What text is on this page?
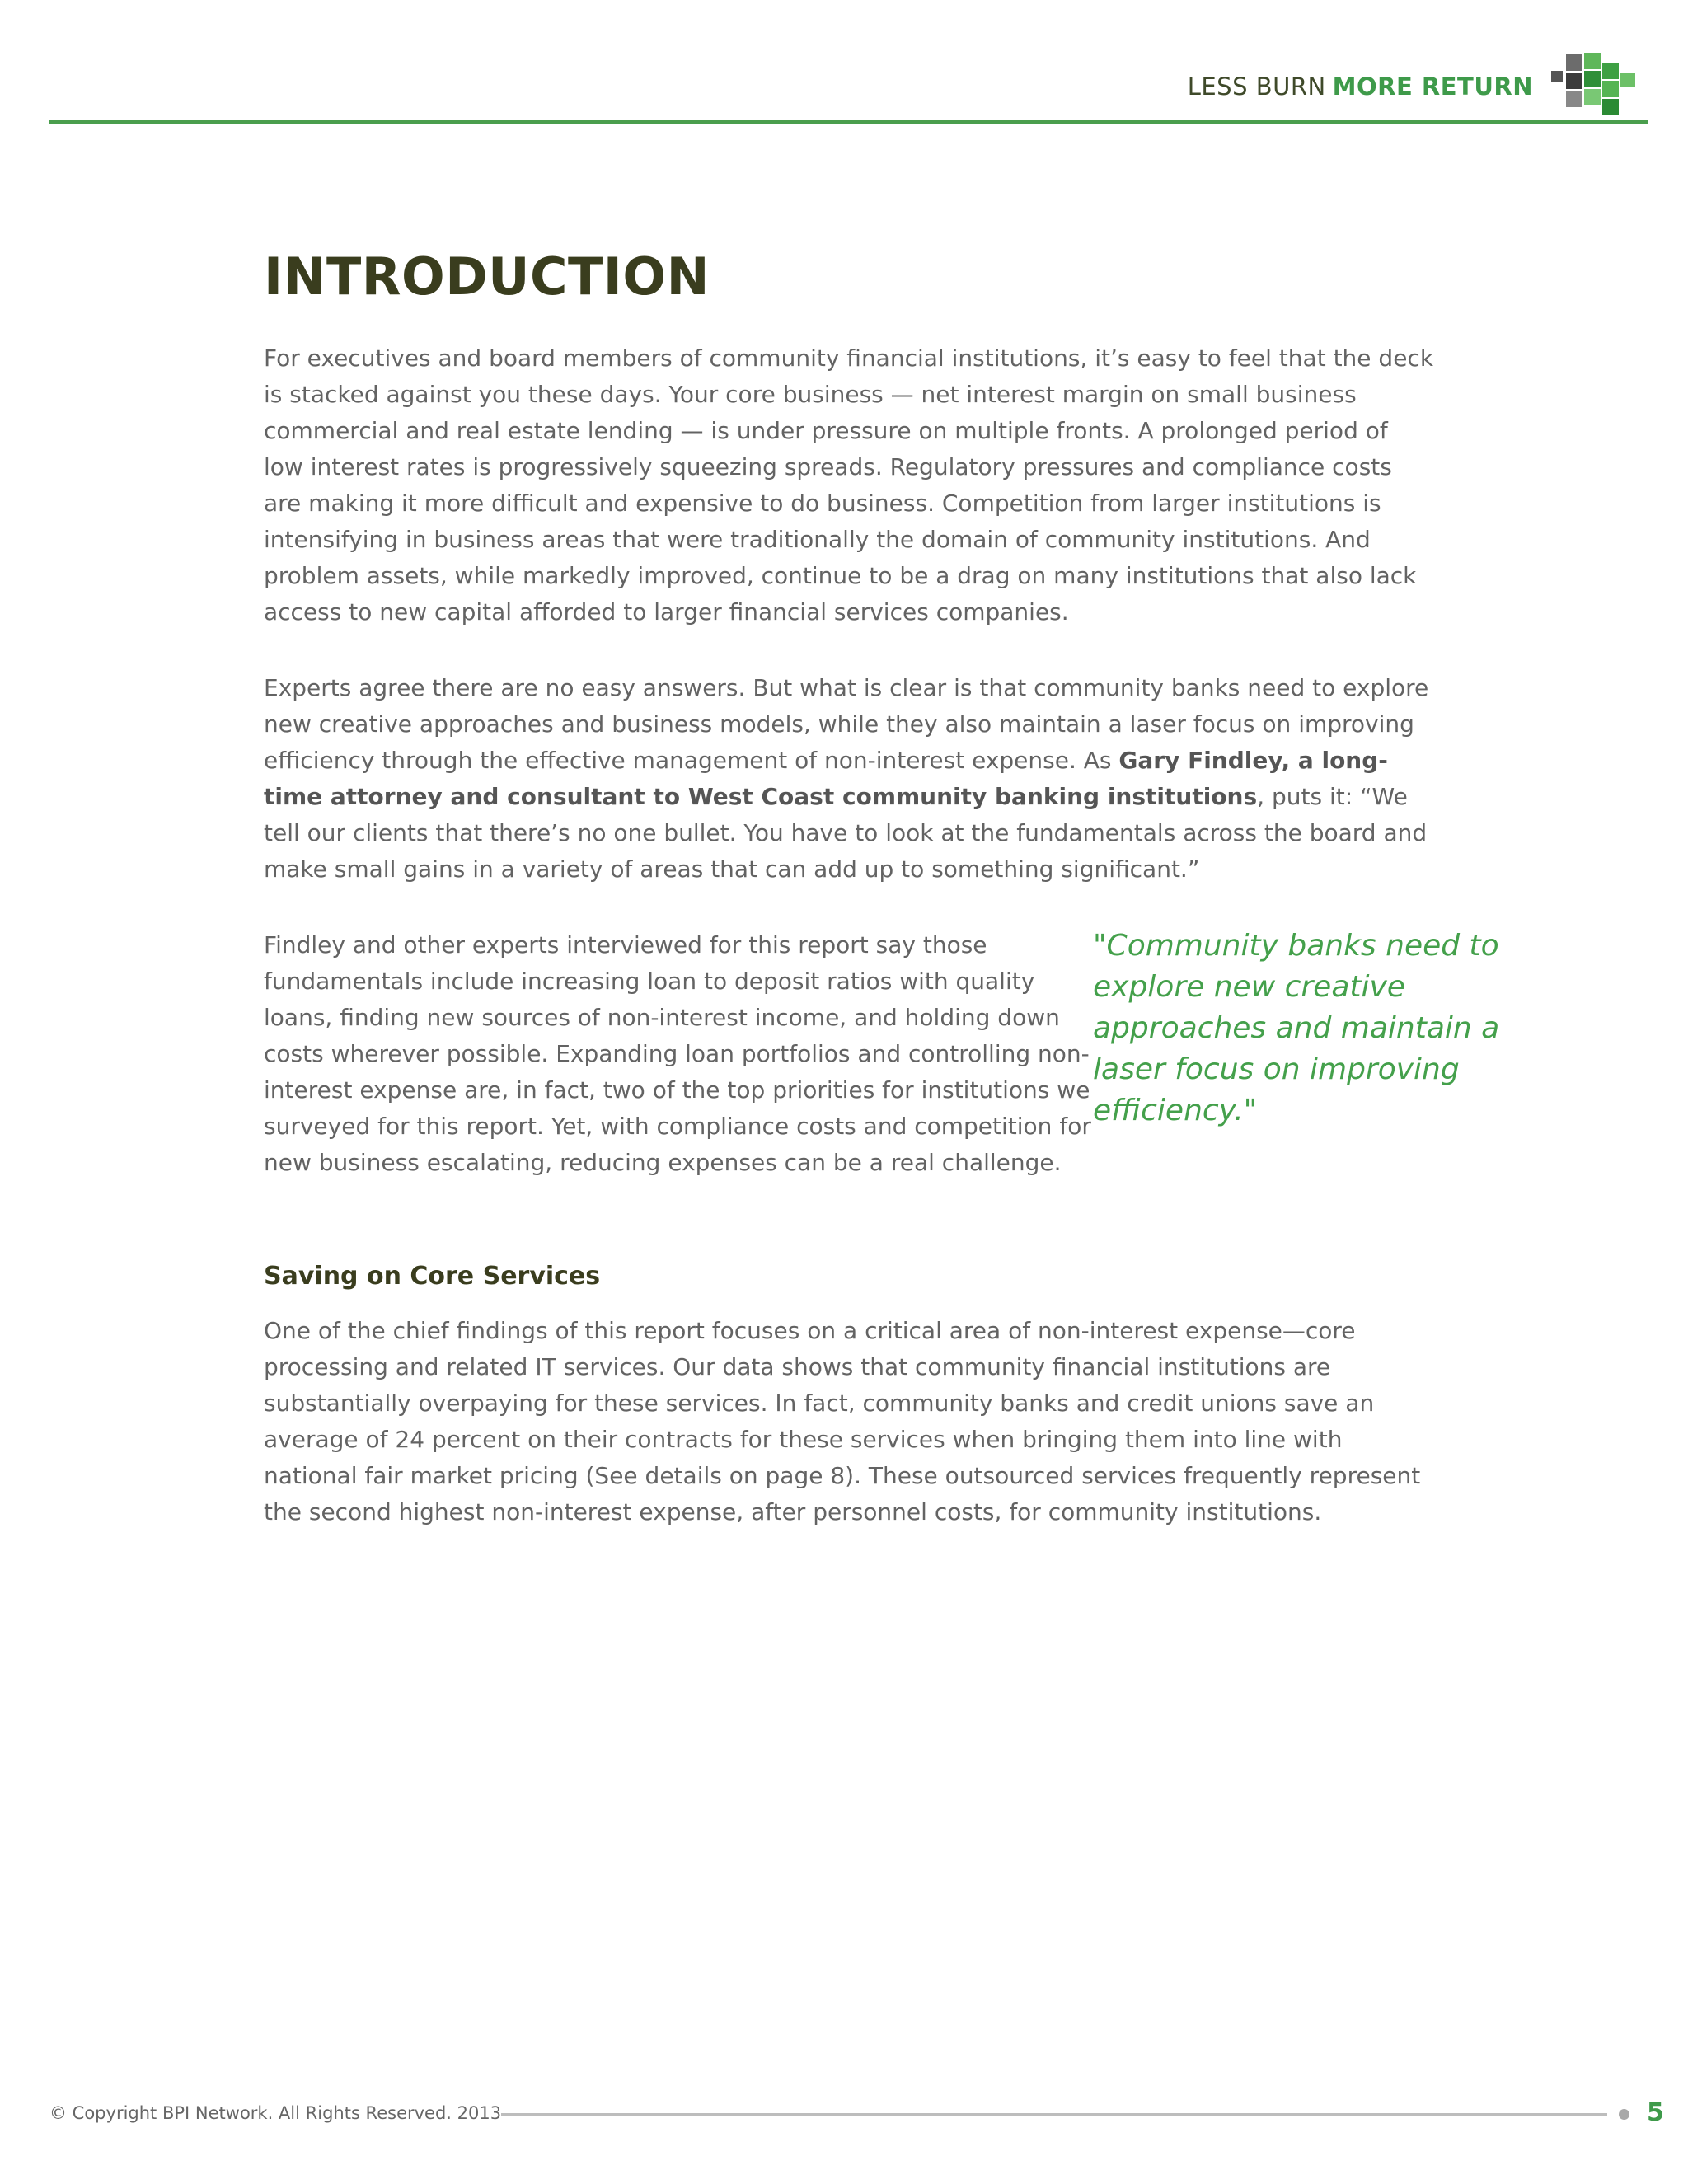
LESS BURN MORE RETURN
INTRODUCTION

For executives and board members of community financial institutions, it’s easy to feel that the deck is stacked against you these days. Your core business — net interest margin on small business commercial and real estate lending — is under pressure on multiple fronts. A prolonged period of low interest rates is progressively squeezing spreads. Regulatory pressures and compliance costs are making it more difficult and expensive to do business. Competition from larger institutions is intensifying in business areas that were traditionally the domain of community institutions. And problem assets, while markedly improved, continue to be a drag on many institutions that also lack access to new capital afforded to larger financial services companies.

Experts agree there are no easy answers. But what is clear is that community banks need to explore new creative approaches and business models, while they also maintain a laser focus on improving efficiency through the effective management of non-interest expense. As Gary Findley, a long-time attorney and consultant to West Coast community banking institutions, puts it: “We tell our clients that there’s no one bullet. You have to look at the fundamentals across the board and make small gains in a variety of areas that can add up to something significant.”

Findley and other experts interviewed for this report say those fundamentals include increasing loan to deposit ratios with quality loans, finding new sources of non-interest income, and holding down costs wherever possible. Expanding loan portfolios and controlling non-interest expense are, in fact, two of the top priorities for institutions we surveyed for this report. Yet, with compliance costs and competition for new business escalating, reducing expenses can be a real challenge.

"Community banks need to explore new creative approaches and maintain a laser focus on improving efficiency."
Saving on Core Services

One of the chief findings of this report focuses on a critical area of non-interest expense—core processing and related IT services. Our data shows that community financial institutions are substantially overpaying for these services. In fact, community banks and credit unions save an average of 24 percent on their contracts for these services when bringing them into line with national fair market pricing (See details on page 8). These outsourced services frequently represent the second highest non-interest expense, after personnel costs, for community institutions.

© Copyright BPI Network. All Rights Reserved. 2013	5
